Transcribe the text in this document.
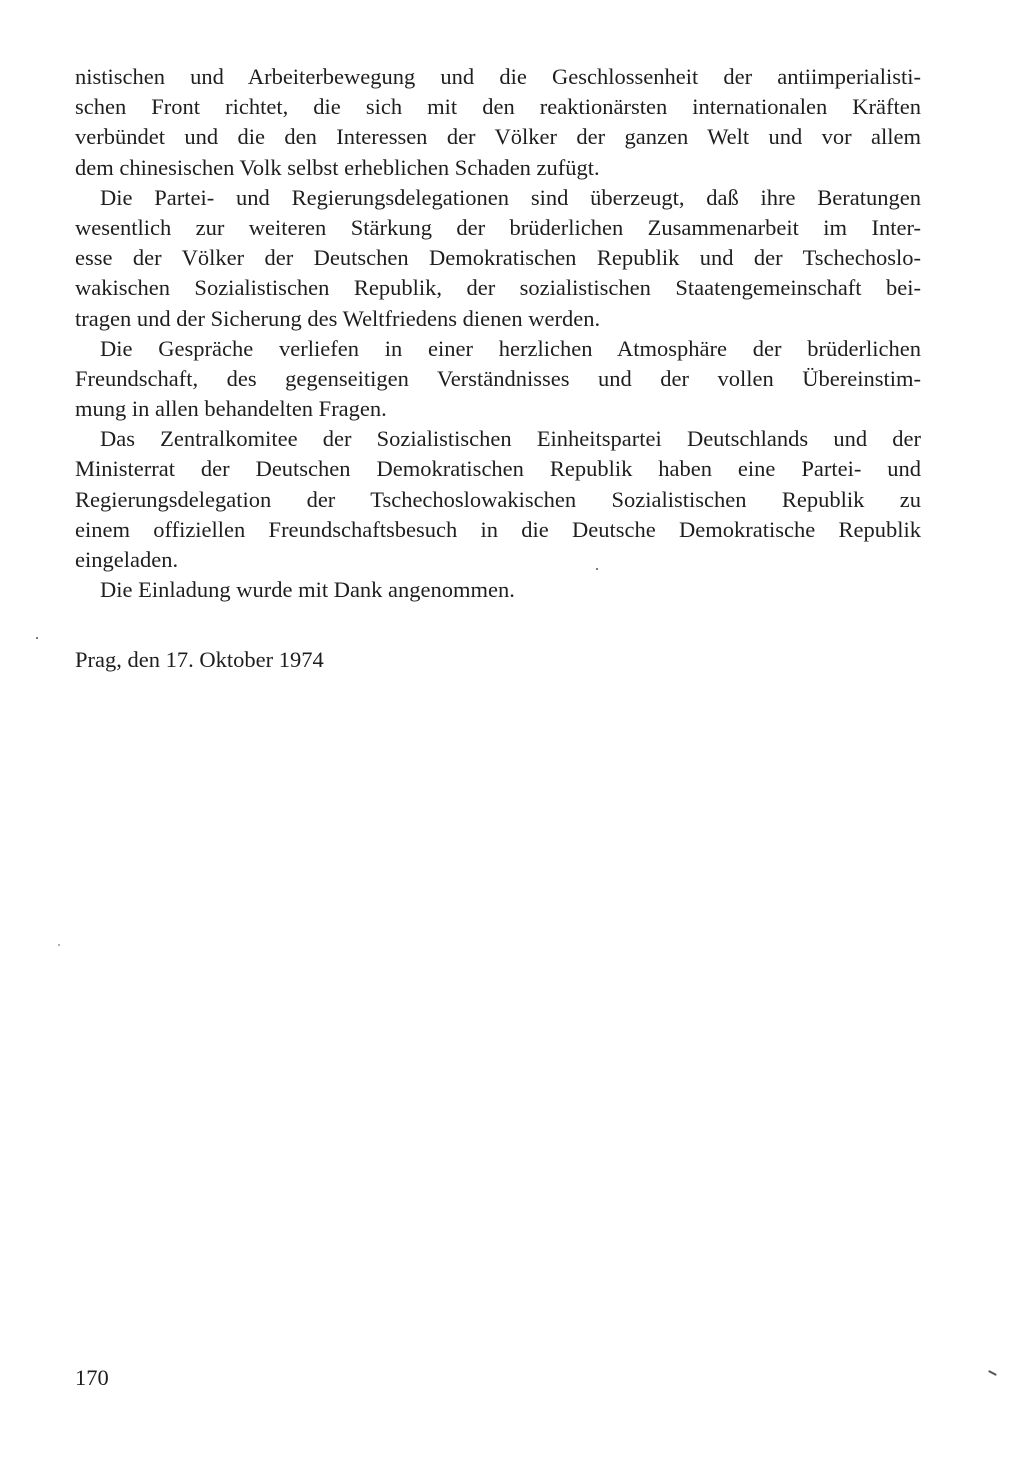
nistischen und Arbeiterbewegung und die Geschlossenheit der antiimperialisti-
schen Front richtet, die sich mit den reaktionärsten internationalen Kräften
verbündet und die den Interessen der Völker der ganzen Welt und vor allem
dem chinesischen Volk selbst erheblichen Schaden zufügt.
Die Partei- und Regierungsdelegationen sind überzeugt, daß ihre Beratungen
wesentlich zur weiteren Stärkung der brüderlichen Zusammenarbeit im Inter-
esse der Völker der Deutschen Demokratischen Republik und der Tschechoslo-
wakischen Sozialistischen Republik, der sozialistischen Staatengemeinschaft bei-
tragen und der Sicherung des Weltfriedens dienen werden.
Die Gespräche verliefen in einer herzlichen Atmosphäre der brüderlichen
Freundschaft, des gegenseitigen Verständnisses und der vollen Übereinstim-
mung in allen behandelten Fragen.
Das Zentralkomitee der Sozialistischen Einheitspartei Deutschlands und der
Ministerrat der Deutschen Demokratischen Republik haben eine Partei- und
Regierungsdelegation der Tschechoslowakischen Sozialistischen Republik zu
einem offiziellen Freundschaftsbesuch in die Deutsche Demokratische Republik
eingeladen.
Die Einladung wurde mit Dank angenommen.
Prag, den 17. Oktober 1974
170
